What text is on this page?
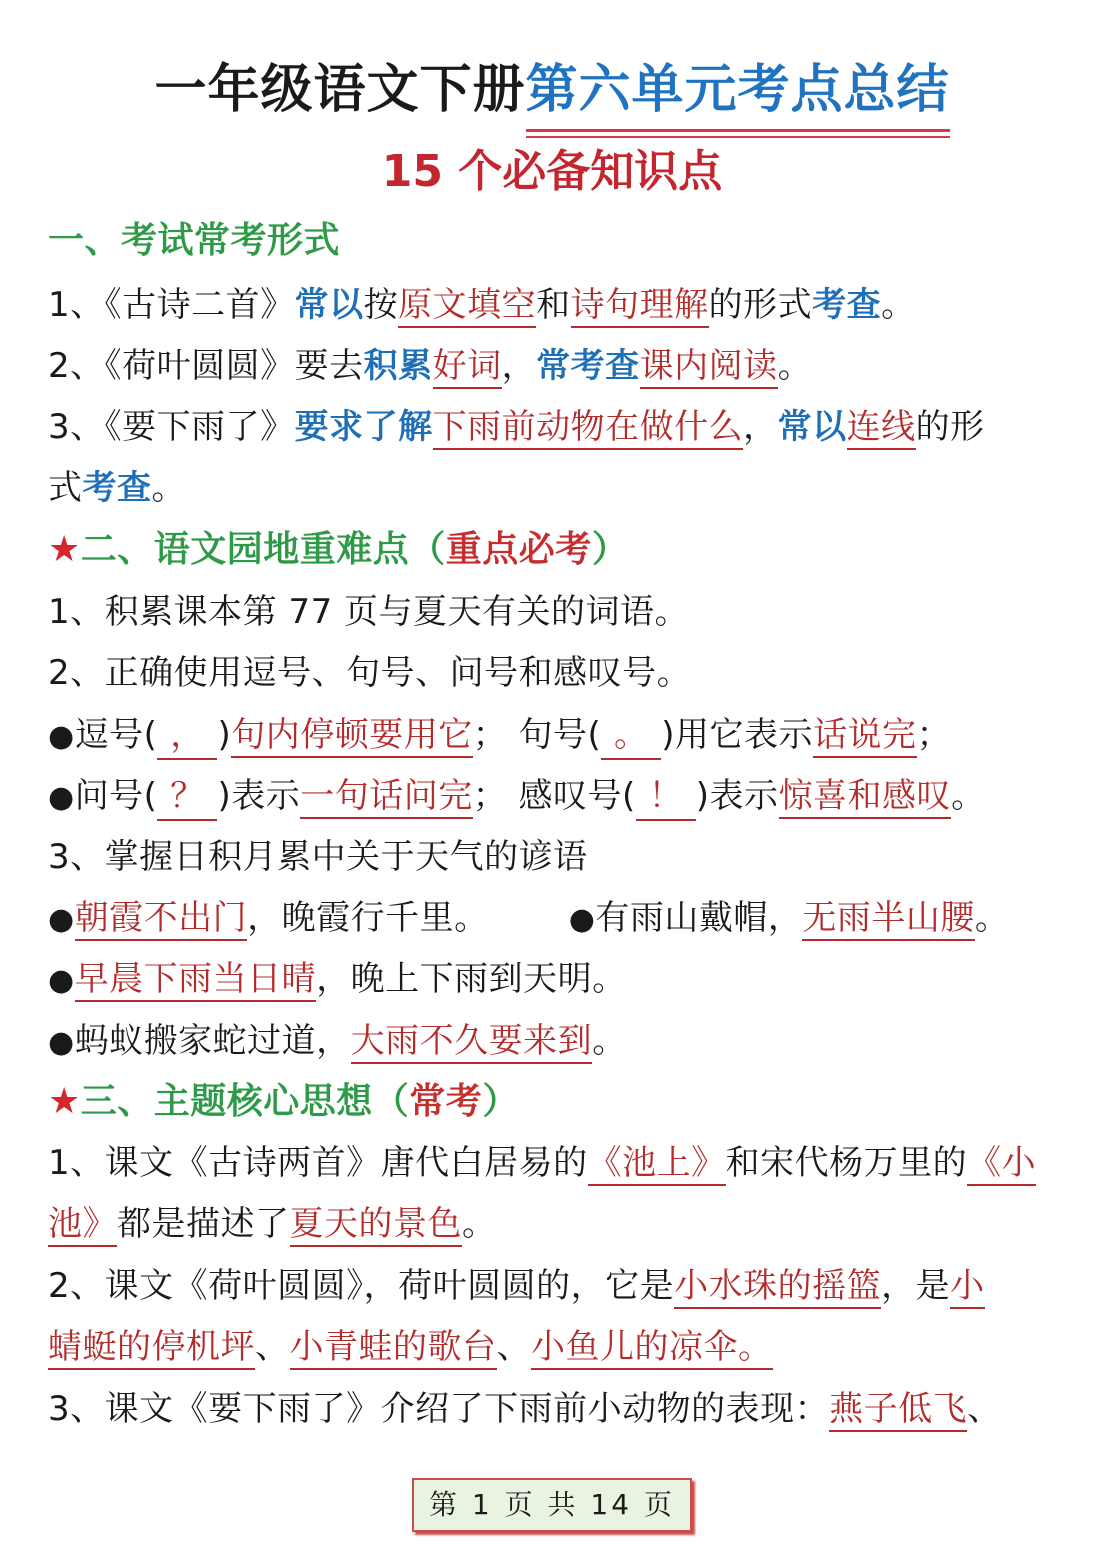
一年级语文下册第六单元考点总结
15 个必备知识点
一、考试常考形式
1、《古诗二首》常以按原文填空和诗句理解的形式考查。
2、《荷叶圆圆》要去积累好词，常考查课内阅读。
3、《要下雨了》要求了解下雨前动物在做什么，常以连线的形
式考查。
★二、语文园地重难点（重点必考）
1、积累课本第 77 页与夏天有关的词语。
2、正确使用逗号、句号、问号和感叹号。
●逗号( ， )句内停顿要用它； 句号( 。 )用它表示话说完；
●问号( ？ )表示一句话问完； 感叹号( ！ )表示惊喜和感叹。
3、掌握日积月累中关于天气的谚语
●朝霞不出门，晚霞行千里。	●有雨山戴帽，无雨半山腰。
●早晨下雨当日晴，晚上下雨到天明。
●蚂蚁搬家蛇过道，大雨不久要来到。
★三、主题核心思想（常考）
1、课文《古诗两首》唐代白居易的《池上》和宋代杨万里的《小
池》都是描述了夏天的景色。
2、课文《荷叶圆圆》，荷叶圆圆的，它是小水珠的摇篮，是小
蜻蜓的停机坪、小青蛙的歌台、小鱼儿的凉伞。
3、课文《要下雨了》介绍了下雨前小动物的表现：燕子低飞、
第 1 页 共 14 页
